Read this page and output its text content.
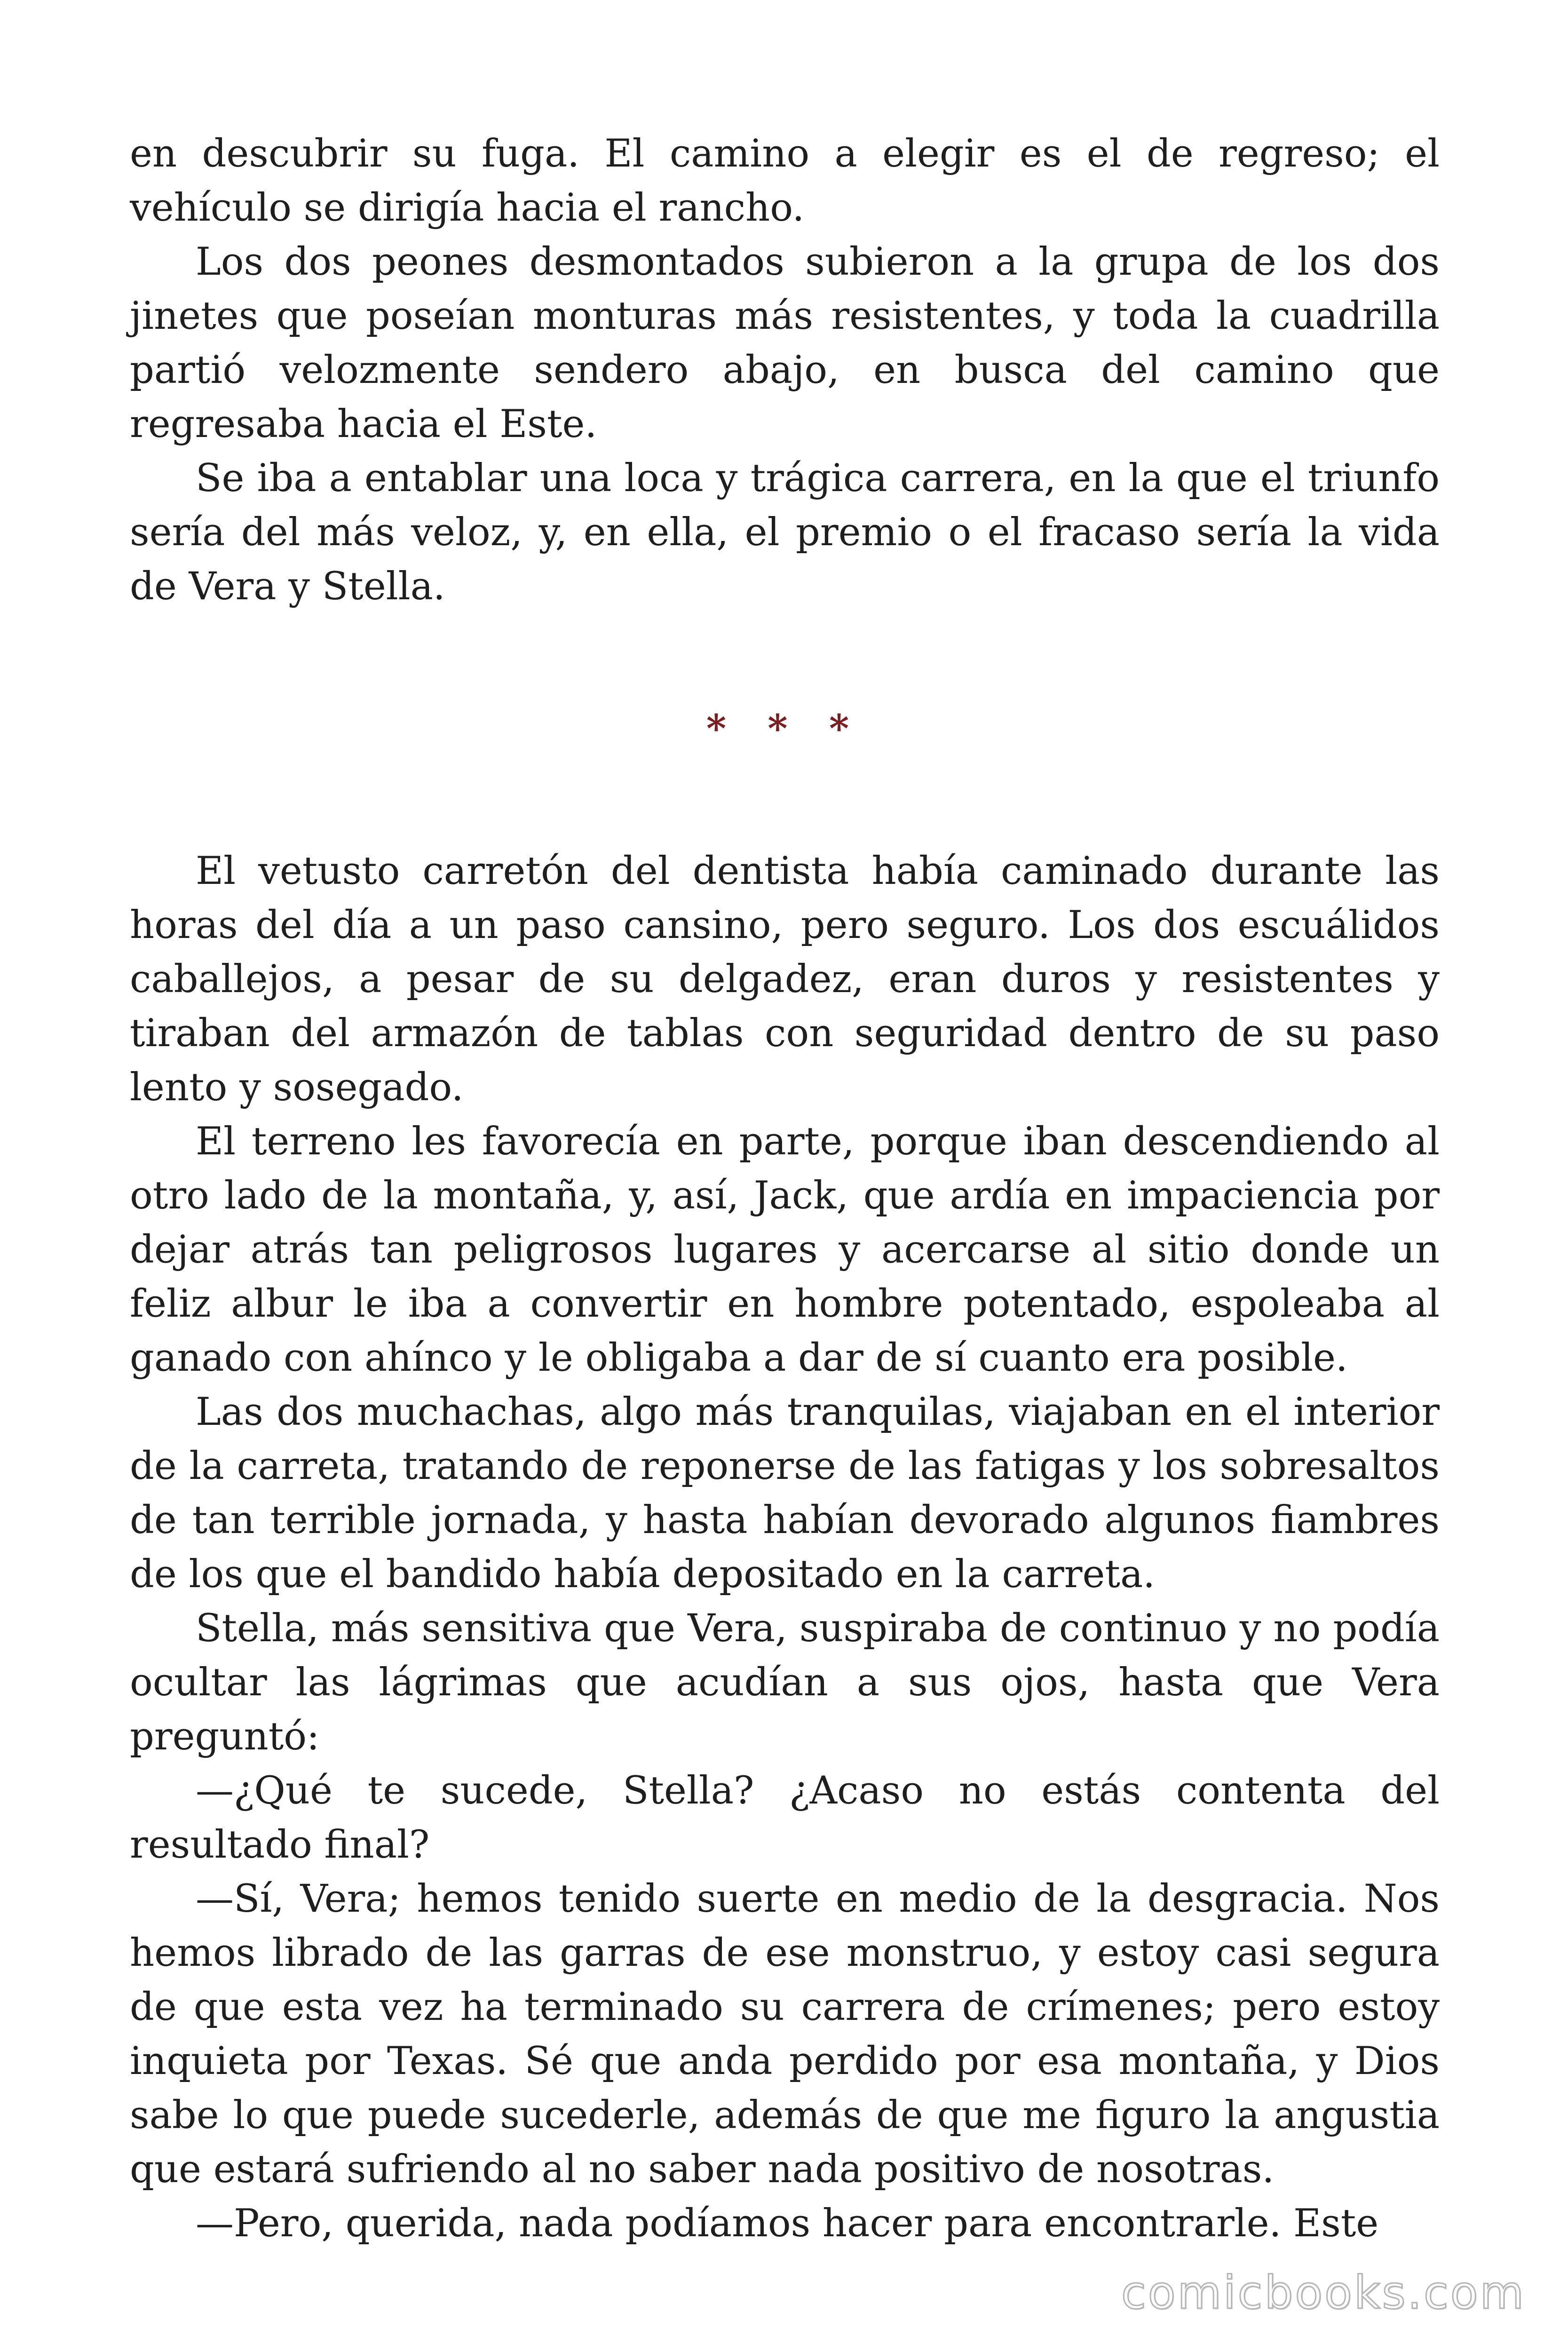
en descubrir su fuga. El camino a elegir es el de regreso; el vehículo se dirigía hacia el rancho.

Los dos peones desmontados subieron a la grupa de los dos jinetes que poseían monturas más resistentes, y toda la cuadrilla partió velozmente sendero abajo, en busca del camino que regresaba hacia el Este.

Se iba a entablar una loca y trágica carrera, en la que el triunfo sería del más veloz, y, en ella, el premio o el fracaso sería la vida de Vera y Stella.

* * *

El vetusto carretón del dentista había caminado durante las horas del día a un paso cansino, pero seguro. Los dos escuálidos caballejos, a pesar de su delgadez, eran duros y resistentes y tiraban del armazón de tablas con seguridad dentro de su paso lento y sosegado.

El terreno les favorecía en parte, porque iban descendiendo al otro lado de la montaña, y, así, Jack, que ardía en impaciencia por dejar atrás tan peligrosos lugares y acercarse al sitio donde un feliz albur le iba a convertir en hombre potentado, espoleaba al ganado con ahínco y le obligaba a dar de sí cuanto era posible.

Las dos muchachas, algo más tranquilas, viajaban en el interior de la carreta, tratando de reponerse de las fatigas y los sobresaltos de tan terrible jornada, y hasta habían devorado algunos fiambres de los que el bandido había depositado en la carreta.

Stella, más sensitiva que Vera, suspiraba de continuo y no podía ocultar las lágrimas que acudían a sus ojos, hasta que Vera preguntó:

—¿Qué te sucede, Stella? ¿Acaso no estás contenta del resultado final?

—Sí, Vera; hemos tenido suerte en medio de la desgracia. Nos hemos librado de las garras de ese monstruo, y estoy casi segura de que esta vez ha terminado su carrera de crímenes; pero estoy inquieta por Texas. Sé que anda perdido por esa montaña, y Dios sabe lo que puede sucederle, además de que me figuro la angustia que estará sufriendo al no saber nada positivo de nosotras.

—Pero, querida, nada podíamos hacer para encontrarle. Este

comicbooks.com
